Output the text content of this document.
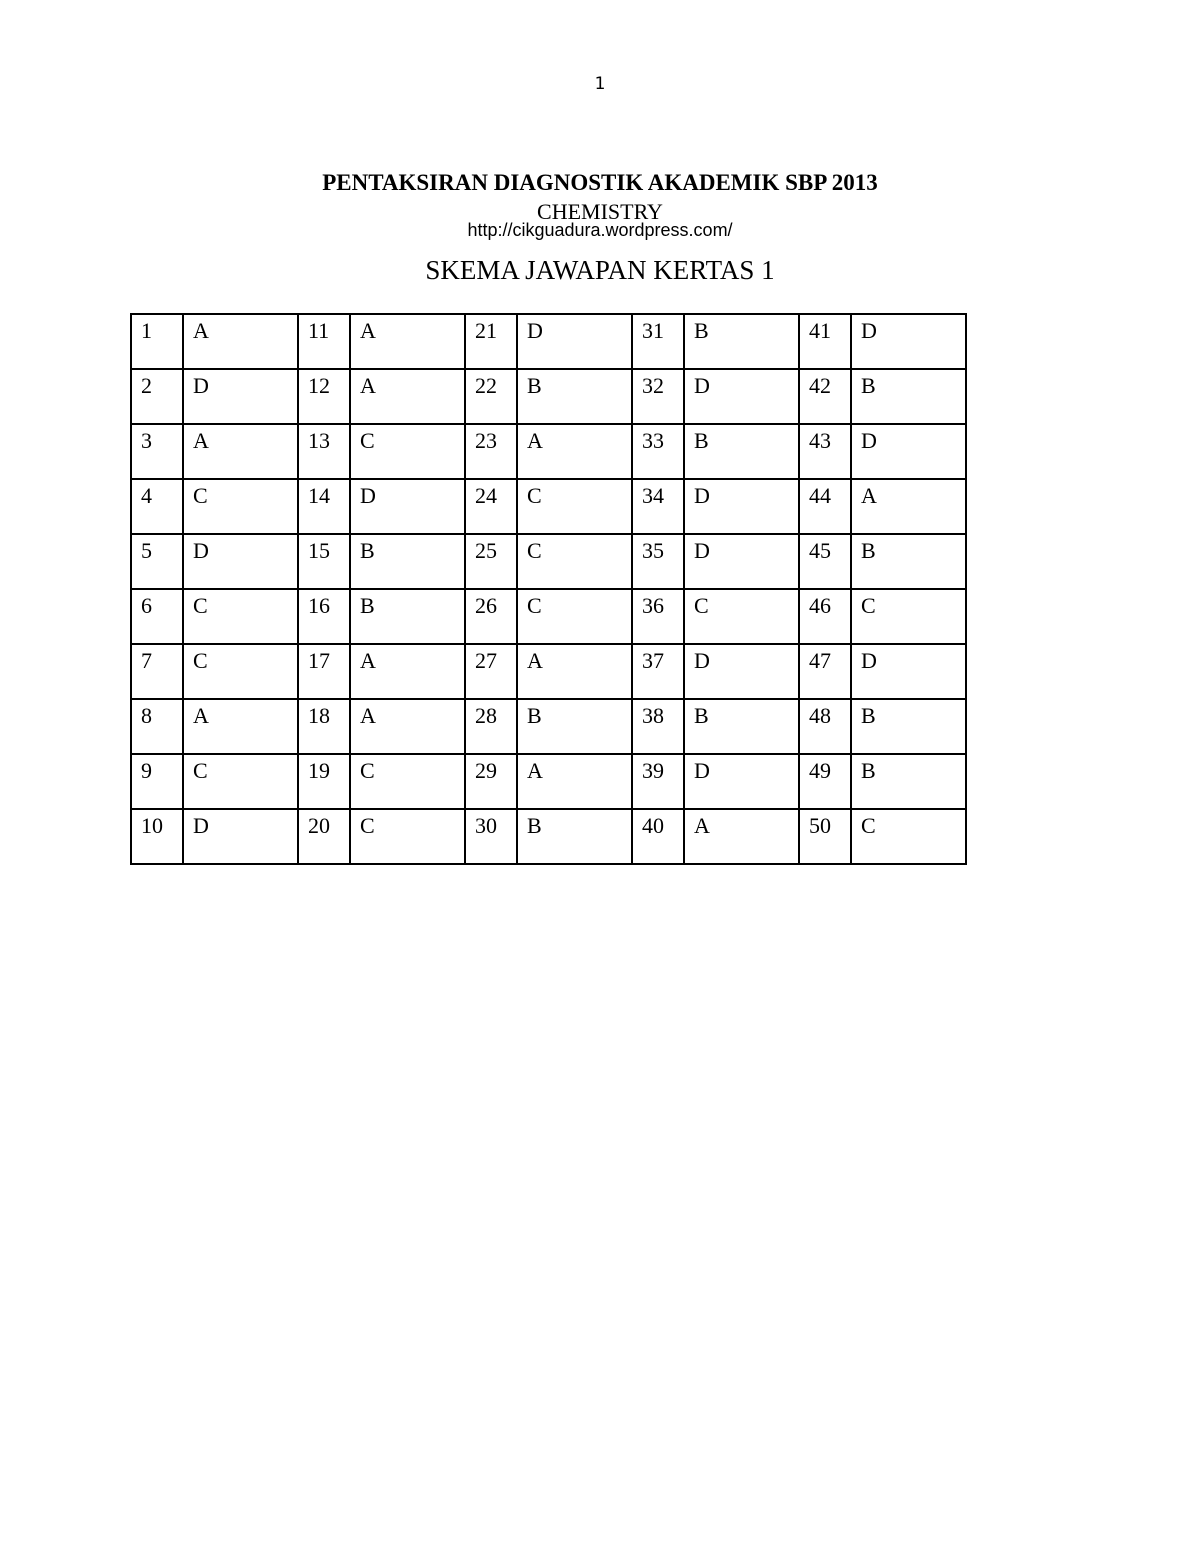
1
PENTAKSIRAN DIAGNOSTIK AKADEMIK SBP 2013
CHEMISTRY
http://cikguadura.wordpress.com/
SKEMA JAWAPAN KERTAS 1
1	A	11	A	21	D	31	B	41	D
2	D	12	A	22	B	32	D	42	B
3	A	13	C	23	A	33	B	43	D
4	C	14	D	24	C	34	D	44	A
5	D	15	B	25	C	35	D	45	B
6	C	16	B	26	C	36	C	46	C
7	C	17	A	27	A	37	D	47	D
8	A	18	A	28	B	38	B	48	B
9	C	19	C	29	A	39	D	49	B
10	D	20	C	30	B	40	A	50	C
